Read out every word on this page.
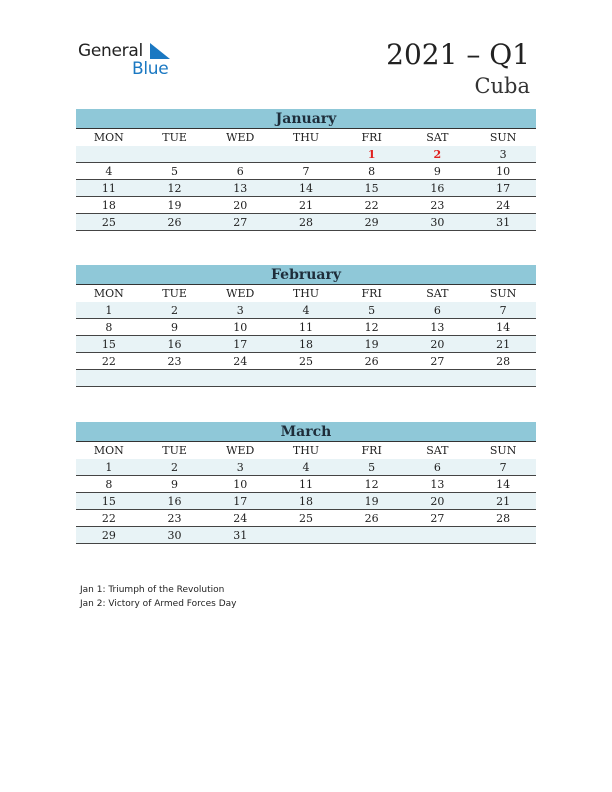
General
Blue	2021 – Q1
Cuba
January
MON	TUE	WED	THU	FRI	SAT	SUN
				1	2	3
4	5	6	7	8	9	10
11	12	13	14	15	16	17
18	19	20	21	22	23	24
25	26	27	28	29	30	31
February
MON	TUE	WED	THU	FRI	SAT	SUN
1	2	3	4	5	6	7
8	9	10	11	12	13	14
15	16	17	18	19	20	21
22	23	24	25	26	27	28

March
MON	TUE	WED	THU	FRI	SAT	SUN
1	2	3	4	5	6	7
8	9	10	11	12	13	14
15	16	17	18	19	20	21
22	23	24	25	26	27	28
29	30	31				
Jan 1: Triumph of the Revolution
Jan 2: Victory of Armed Forces Day
